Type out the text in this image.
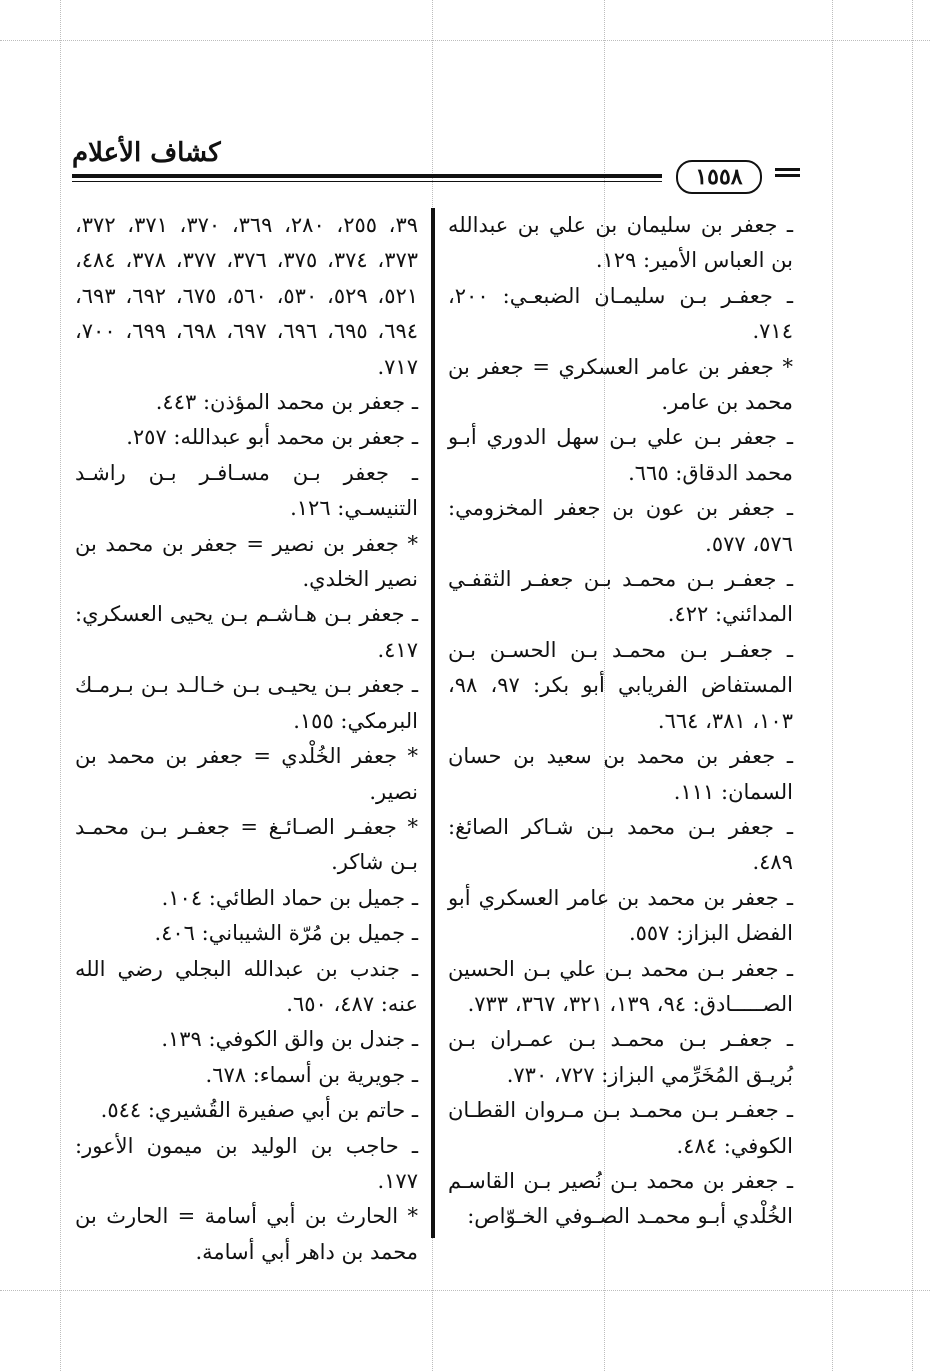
كشاف الأعلام
١٥٥٨

ـ جعفر بن سليمان بن علي بن عبدالله بن العباس الأمير: ١٢٩.

ـ جعفـر بـن سليمـان الضبعـي: ٢٠٠، ٧١٤.

* جعفر بن عامر العسكري = جعفر بن محمد بن عامر.

ـ جعفر بـن علي بـن سهل الدوري أبـو محمد الدقاق: ٦٦٥.

ـ جعفر بن عون بن جعفر المخزومي: ٥٧٦، ٥٧٧.

ـ جعفـر بـن محمـد بـن جعفـر الثقفـي المدائني: ٤٢٢.

ـ جعفـر بـن محمـد بـن الحسـن بـن المستفاض الفريابي أبو بكر: ٩٧، ٩٨، ١٠٣، ٣٨١، ٦٦٤.

ـ جعفر بن محمد بن سعيد بن حسان السمان: ١١١.

ـ جعفر بـن محمد بـن شـاكر الصائغ: ٤٨٩.

ـ جعفر بن محمد بن عامر العسكري أبو الفضل البزاز: ٥٥٧.

ـ جعفر بـن محمد بـن علي بـن الحسين الصـــــادق: ٩٤، ١٣٩، ٣٢١، ٣٦٧، ٧٣٣.

ـ جعفـر بـن محمـد بـن عمـران بـن بُريـق المُخَرِّمي البزاز: ٧٢٧، ٧٣٠.

ـ جعفـر بـن محمـد بـن مـروان القطـان الكوفي: ٤٨٤.

ـ جعفر بن محمد بـن نُصير بـن القاسـم الخُلْدي أبـو محمـد الصـوفي الخـوّاص:

٣٩، ٢٥٥، ٢٨٠، ٣٦٩، ٣٧٠، ٣٧١، ٣٧٢، ٣٧٣، ٣٧٤، ٣٧٥، ٣٧٦، ٣٧٧، ٣٧٨، ٤٨٤، ٥٢١، ٥٢٩، ٥٣٠، ٥٦٠، ٦٧٥، ٦٩٢، ٦٩٣، ٦٩٤، ٦٩٥، ٦٩٦، ٦٩٧، ٦٩٨، ٦٩٩، ٧٠٠، ٧١٧.

ـ جعفر بن محمد المؤذن: ٤٤٣.

ـ جعفر بن محمد أبو عبدالله: ٢٥٧.

ـ جعفر بـن مسـافـر بـن راشـد التنيسـي: ١٢٦.

* جعفر بن نصير = جعفر بن محمد بن نصير الخلدي.

ـ جعفر بـن هـاشـم بـن يحيى العسكري: ٤١٧.

ـ جعفر بـن يحيـى بـن خـالـد بـن بـرمـك البرمكي: ١٥٥.

* جعفر الخُلْدي = جعفر بن محمد بن نصير.

* جعفـر الصـائـغ = جعفـر بـن محمـد بـن شاكر.

ـ جميل بن حماد الطائي: ١٠٤.

ـ جميل بن مُرّة الشيباني: ٤٠٦.

ـ جندب بن عبدالله البجلي رضي الله عنه: ٤٨٧، ٦٥٠.

ـ جندل بن والق الكوفي: ١٣٩.

ـ جويرية بن أسماء: ٦٧٨.

ـ حاتم بن أبي صفيرة القُشيري: ٥٤٤.

ـ حاجب بن الوليد بن ميمون الأعور: ١٧٧.

* الحارث بن أبي أسامة = الحارث بن محمد بن داهر أبي أسامة.
